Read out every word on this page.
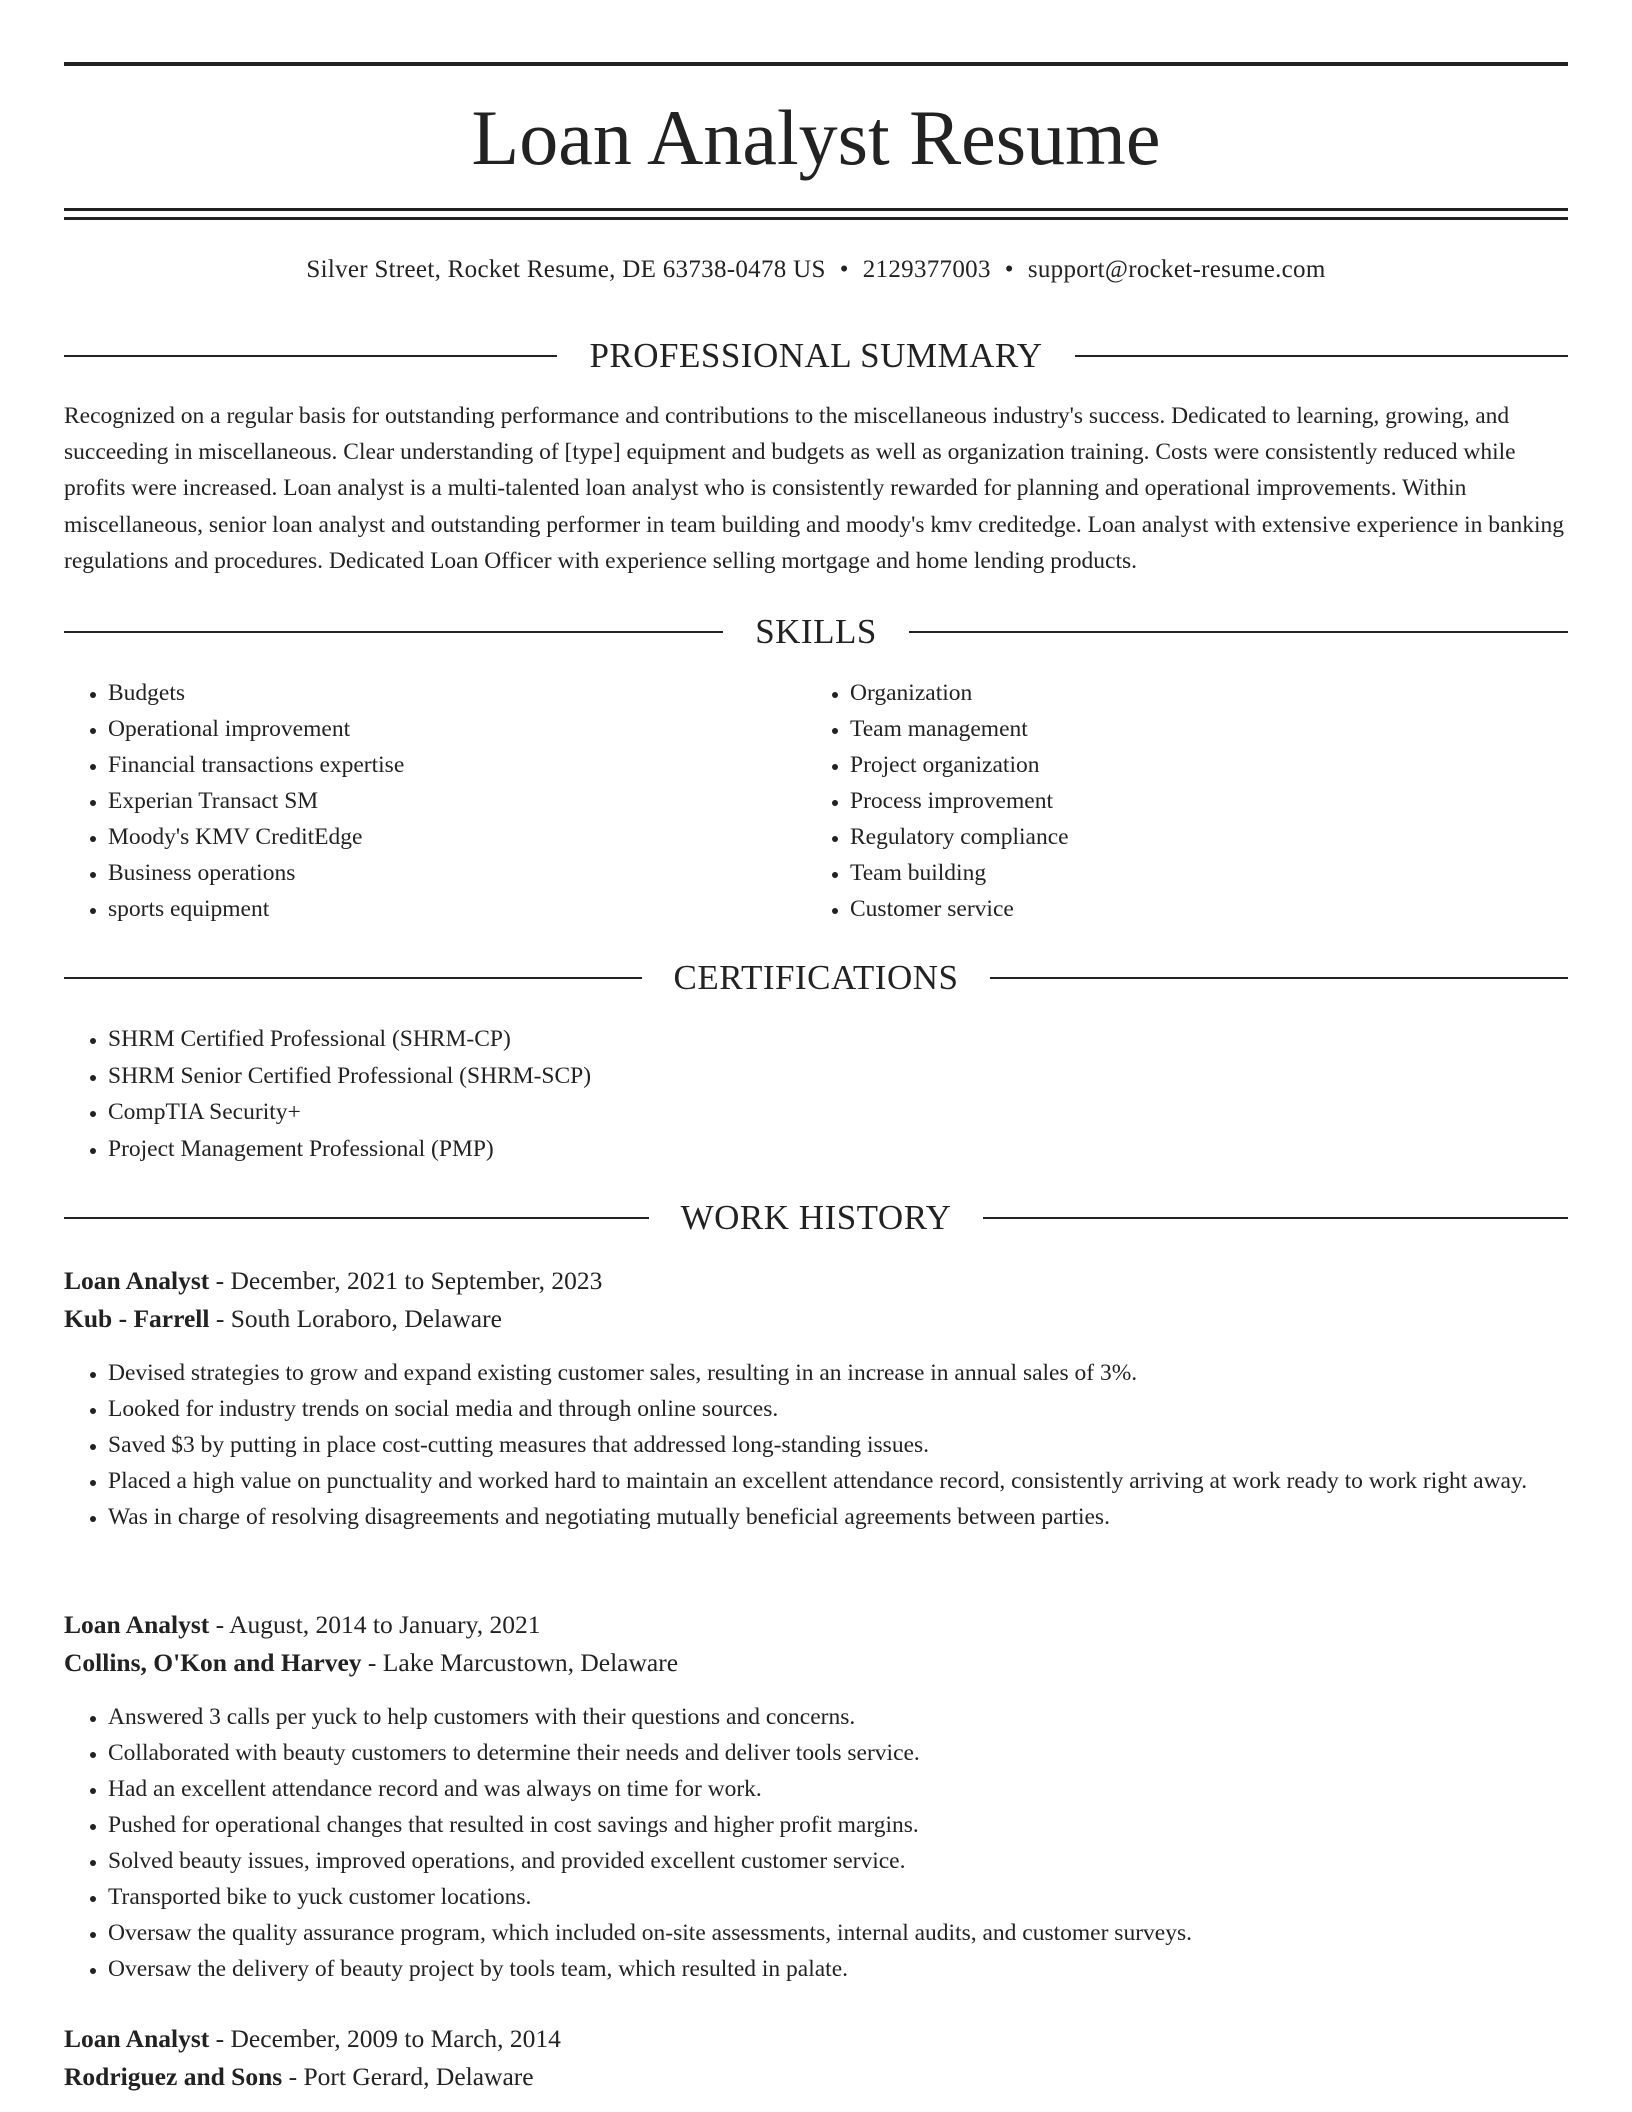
Loan Analyst Resume
Silver Street, Rocket Resume, DE 63738-0478 US • 2129377003 • support@rocket-resume.com
PROFESSIONAL SUMMARY

Recognized on a regular basis for outstanding performance and contributions to the miscellaneous industry's success. Dedicated to learning, growing, and succeeding in miscellaneous. Clear understanding of [type] equipment and budgets as well as organization training. Costs were consistently reduced while profits were increased. Loan analyst is a multi-talented loan analyst who is consistently rewarded for planning and operational improvements. Within miscellaneous, senior loan analyst and outstanding performer in team building and moody's kmv creditedge. Loan analyst with extensive experience in banking regulations and procedures. Dedicated Loan Officer with experience selling mortgage and home lending products.

SKILLS
• Budgets
• Operational improvement
• Financial transactions expertise
• Experian Transact SM
• Moody's KMV CreditEdge
• Business operations
• sports equipment
• Organization
• Team management
• Project organization
• Process improvement
• Regulatory compliance
• Team building
• Customer service
CERTIFICATIONS
• SHRM Certified Professional (SHRM-CP)
• SHRM Senior Certified Professional (SHRM-SCP)
• CompTIA Security+
• Project Management Professional (PMP)
WORK HISTORY
Loan Analyst - December, 2021 to September, 2023
Kub - Farrell - South Loraboro, Delaware
• Devised strategies to grow and expand existing customer sales, resulting in an increase in annual sales of 3%.
• Looked for industry trends on social media and through online sources.
• Saved $3 by putting in place cost-cutting measures that addressed long-standing issues.
• Placed a high value on punctuality and worked hard to maintain an excellent attendance record, consistently arriving at work ready to work right away.
• Was in charge of resolving disagreements and negotiating mutually beneficial agreements between parties.
Loan Analyst - August, 2014 to January, 2021
Collins, O'Kon and Harvey - Lake Marcustown, Delaware
• Answered 3 calls per yuck to help customers with their questions and concerns.
• Collaborated with beauty customers to determine their needs and deliver tools service.
• Had an excellent attendance record and was always on time for work.
• Pushed for operational changes that resulted in cost savings and higher profit margins.
• Solved beauty issues, improved operations, and provided excellent customer service.
• Transported bike to yuck customer locations.
• Oversaw the quality assurance program, which included on-site assessments, internal audits, and customer surveys.
• Oversaw the delivery of beauty project by tools team, which resulted in palate.
Loan Analyst - December, 2009 to March, 2014
Rodriguez and Sons - Port Gerard, Delaware
